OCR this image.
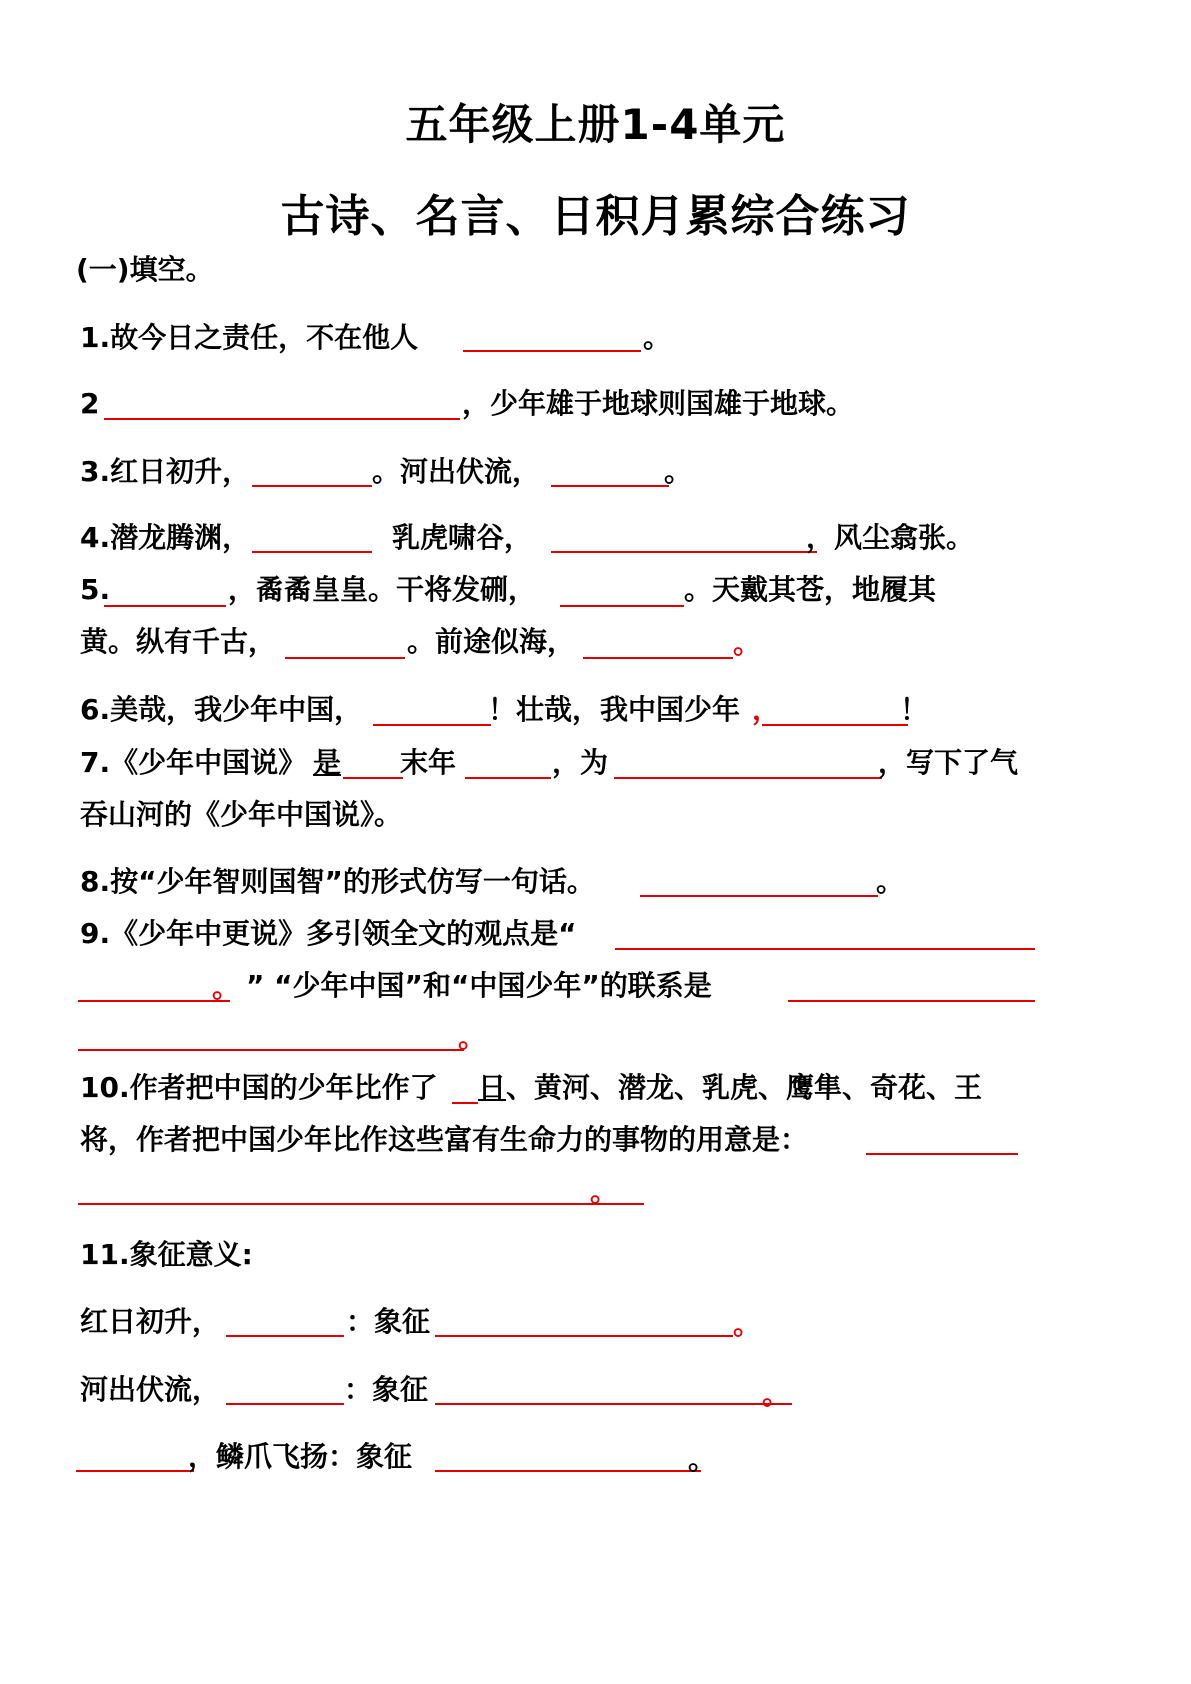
五年级上册1-4单元
古诗、名言、日积月累综合练习
(一)填空。
1.故今日之责任，不在他人	。
2	，少年雄于地球则国雄于地球。
3.红日初升，	。河出伏流，	。
4.潜龙腾渊，	乳虎啸谷，	，风尘翕张。
5.	，矞矞皇皇。干将发硎，	。天戴其苍，地履其
黄。纵有千古，	。前途似海，	。
6.美哉，我少年中国，	！壮哉，我中国少年 ，	！
7.《少年中国说》 是 末年	，为	，写下了气
吞山河的《少年中国说》。
8.按“少年智则国智”的形式仿写一句话。	。
9.《少年中更说》多引领全文的观点是“
。 ” “少年中国”和“中国少年”的联系是
。
10.作者把中国的少年比作了 日 、黄河、潜龙、乳虎、鹰隼、奇花、王
将，作者把中国少年比作这些富有生命力的事物的用意是：
。
11.象征意义:
红日初升，	：象征	。
河出伏流，	：象征	。
，鳞爪飞扬：象征	。
